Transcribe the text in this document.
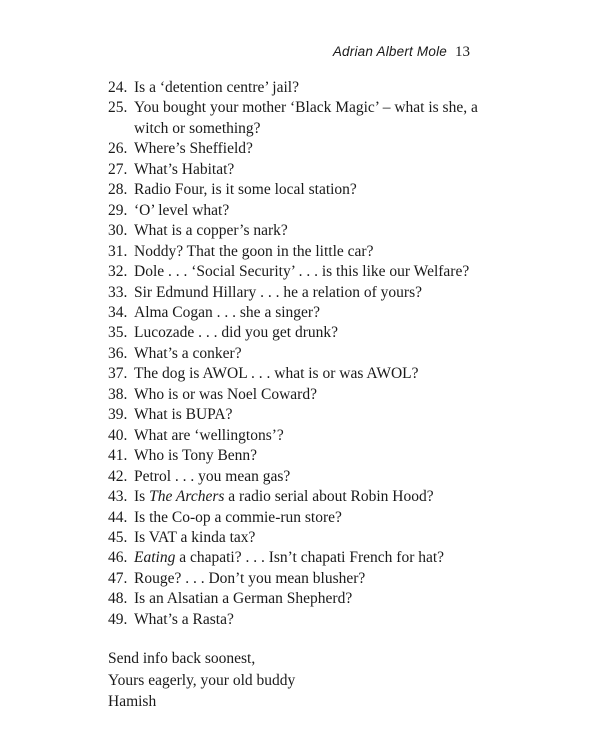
Adrian Albert Mole 13
24. Is a ‘detention centre’ jail?
25. You bought your mother ‘Black Magic’ – what is she, a witch or something?
26. Where’s Sheffield?
27. What’s Habitat?
28. Radio Four, is it some local station?
29. ‘O’ level what?
30. What is a copper’s nark?
31. Noddy? That the goon in the little car?
32. Dole . . . ‘Social Security’ . . . is this like our Welfare?
33. Sir Edmund Hillary . . . he a relation of yours?
34. Alma Cogan . . . she a singer?
35. Lucozade . . . did you get drunk?
36. What’s a conker?
37. The dog is AWOL . . . what is or was AWOL?
38. Who is or was Noel Coward?
39. What is BUPA?
40. What are ‘wellingtons’?
41. Who is Tony Benn?
42. Petrol . . . you mean gas?
43. Is The Archers a radio serial about Robin Hood?
44. Is the Co-op a commie-run store?
45. Is VAT a kinda tax?
46. Eating a chapati? . . . Isn’t chapati French for hat?
47. Rouge? . . . Don’t you mean blusher?
48. Is an Alsatian a German Shepherd?
49. What’s a Rasta?
Send info back soonest,
Yours eagerly, your old buddy
Hamish
